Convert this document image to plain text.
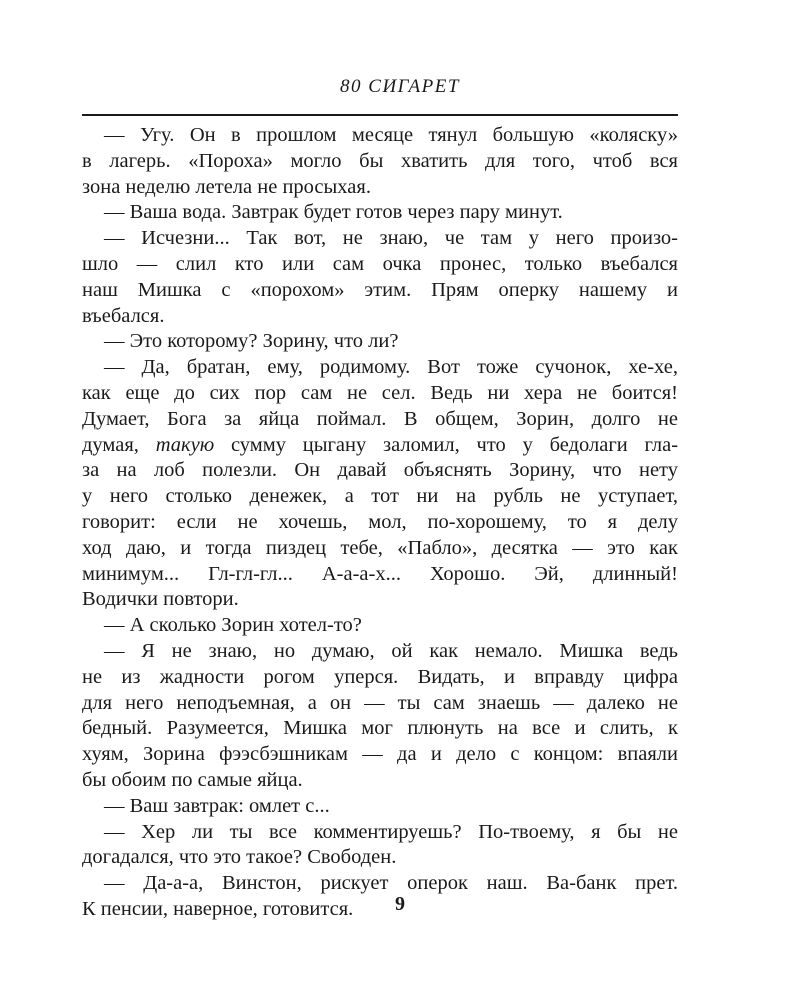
80 СИГАРЕТ
— Угу. Он в прошлом месяце тянул большую «коляску»
в лагерь. «Пороха» могло бы хватить для того, чтоб вся
зона неделю летела не просыхая.
— Ваша вода. Завтрак будет готов через пару минут.
— Исчезни... Так вот, не знаю, че там у него произо-
шло — слил кто или сам очка пронес, только въебался
наш Мишка с «порохом» этим. Прям оперку нашему и
въебался.
— Это которому? Зорину, что ли?
— Да, братан, ему, родимому. Вот тоже сучонок, хе-хе,
как еще до сих пор сам не сел. Ведь ни хера не боится!
Думает, Бога за яйца поймал. В общем, Зорин, долго не
думая, такую сумму цыгану заломил, что у бедолаги гла-
за на лоб полезли. Он давай объяснять Зорину, что нету
у него столько денежек, а тот ни на рубль не уступает,
говорит: если не хочешь, мол, по-хорошему, то я делу
ход даю, и тогда пиздец тебе, «Пабло», десятка — это как
минимум... Гл-гл-гл... А-а-а-х... Хорошо. Эй, длинный!
Водички повтори.
— А сколько Зорин хотел-то?
— Я не знаю, но думаю, ой как немало. Мишка ведь
не из жадности рогом уперся. Видать, и вправду цифра
для него неподъемная, а он — ты сам знаешь — далеко не
бедный. Разумеется, Мишка мог плюнуть на все и слить, к
хуям, Зорина фээсбэшникам — да и дело с концом: впаяли
бы обоим по самые яйца.
— Ваш завтрак: омлет с...
— Хер ли ты все комментируешь? По-твоему, я бы не
догадался, что это такое? Свободен.
— Да-а-а, Винстон, рискует оперок наш. Ва-банк прет.
К пенсии, наверное, готовится.	9
